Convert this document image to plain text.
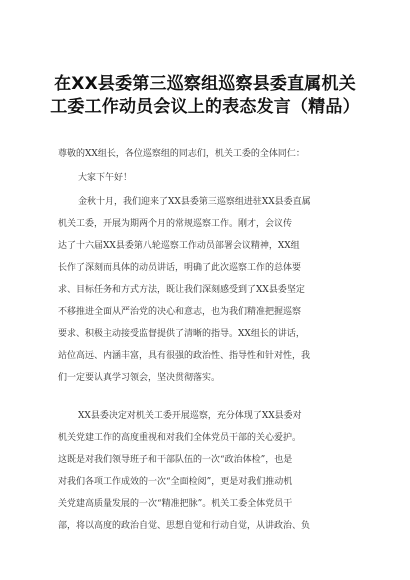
在XX县委第三巡察组巡察县委直属机关
工委工作动员会议上的表态发言（精品）
尊敬的XX组长，各位巡察组的同志们，机关工委的全体同仁：
大家下午好！
金秋十月，我们迎来了XX县委第三巡察组进驻XX县委直属
机关工委，开展为期两个月的常规巡察工作。刚才，会议传
达了十六届XX县委第八轮巡察工作动员部署会议精神，XX组
长作了深刻而具体的动员讲话，明确了此次巡察工作的总体要
求、目标任务和方式方法，既让我们深刻感受到了XX县委坚定
不移推进全面从严治党的决心和意志，也为我们精准把握巡察
要求、积极主动接受监督提供了清晰的指导。XX组长的讲话，
站位高远、内涵丰富，具有很强的政治性、指导性和针对性，我
们一定要认真学习领会，坚决贯彻落实。
XX县委决定对机关工委开展巡察，充分体现了XX县委对
机关党建工作的高度重视和对我们全体党员干部的关心爱护。
这既是对我们领导班子和干部队伍的一次“政治体检”，也是
对我们各项工作成效的一次“全面检阅”，更是对我们推动机
关党建高质量发展的一次“精准把脉”。机关工委全体党员干
部，将以高度的政治自觉、思想自觉和行动自觉，从讲政治、负
